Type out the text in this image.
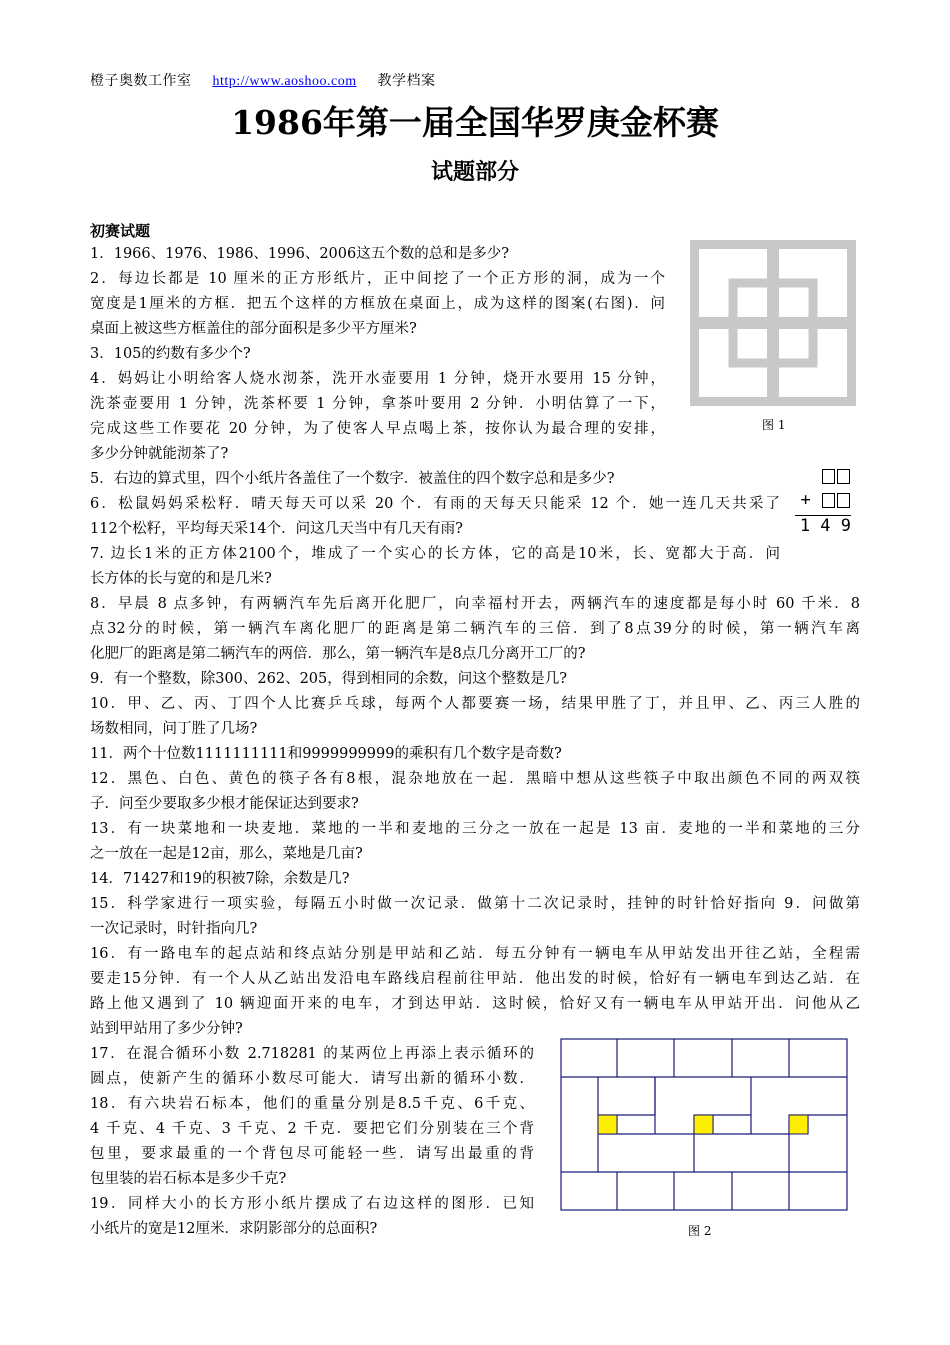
橙子奥数工作室 http://www.aoshoo.com 教学档案
1986年第一届全国华罗庚金杯赛
试题部分
初赛试题
1．1966、1976、1986、1996、2006这五个数的总和是多少?
2．每边长都是 10 厘米的正方形纸片，正中间挖了一个正方形的洞，成为一个
宽度是1厘米的方框．把五个这样的方框放在桌面上，成为这样的图案(右图)．问
桌面上被这些方框盖住的部分面积是多少平方厘米?
3．105的约数有多少个?
4．妈妈让小明给客人烧水沏茶，洗开水壶要用 1 分钟，烧开水要用 15 分钟，
洗茶壶要用 1 分钟，洗茶杯要 1 分钟，拿茶叶要用 2 分钟．小明估算了一下，
完成这些工作要花 20 分钟，为了使客人早点喝上茶，按你认为最合理的安排，
多少分钟就能沏茶了?
5．右边的算式里，四个小纸片各盖住了一个数字．被盖住的四个数字总和是多少?
6．松鼠妈妈采松籽．晴天每天可以采 20 个．有雨的天每天只能采 12 个．她一连几天共采了
112个松籽，平均每天采14个．问这几天当中有几天有雨?
7. 边长1米的正方体2100个，堆成了一个实心的长方体，它的高是10米，长、宽都大于高．问
长方体的长与宽的和是几米?
8．早晨 8 点多钟，有两辆汽车先后离开化肥厂，向幸福村开去，两辆汽车的速度都是每小时 60 千米．8
点32分的时候，第一辆汽车离化肥厂的距离是第二辆汽车的三倍．到了8点39分的时候，第一辆汽车离
化肥厂的距离是第二辆汽车的两倍．那么，第一辆汽车是8点几分离开工厂的?
9．有一个整数，除300、262、205，得到相同的余数，问这个整数是几?
10．甲、乙、丙、丁四个人比赛乒乓球，每两个人都要赛一场，结果甲胜了丁，并且甲、乙、丙三人胜的
场数相同，问丁胜了几场?
11．两个十位数1111111111和9999999999的乘积有几个数字是奇数?
12．黑色、白色、黄色的筷子各有8根，混杂地放在一起．黑暗中想从这些筷子中取出颜色不同的两双筷
子．问至少要取多少根才能保证达到要求?
13．有一块菜地和一块麦地．菜地的一半和麦地的三分之一放在一起是 13 亩．麦地的一半和菜地的三分
之一放在一起是12亩，那么，菜地是几亩?
14．71427和19的积被7除，余数是几?
15．科学家进行一项实验，每隔五小时做一次记录．做第十二次记录时，挂钟的时针恰好指向 9．问做第
一次记录时，时针指向几?
16．有一路电车的起点站和终点站分别是甲站和乙站．每五分钟有一辆电车从甲站发出开往乙站，全程需
要走15分钟．有一个人从乙站出发沿电车路线启程前往甲站．他出发的时候，恰好有一辆电车到达乙站．在
路上他又遇到了 10 辆迎面开来的电车，才到达甲站．这时候，恰好又有一辆电车从甲站开出．问他从乙
站到甲站用了多少分钟?
17．在混合循环小数 2.718281 的某两位上再添上表示循环的
圆点，使新产生的循环小数尽可能大．请写出新的循环小数．
18．有六块岩石标本，他们的重量分别是8.5千克、6千克、
4 千克、4 千克、3 千克、2 千克．要把它们分别装在三个背
包里，要求最重的一个背包尽可能轻一些．请写出最重的背
包里装的岩石标本是多少千克?
19．同样大小的长方形小纸片摆成了右边这样的图形．已知
小纸片的宽是12厘米．求阴影部分的总面积?
图 1
+
1 4 9
图 2
